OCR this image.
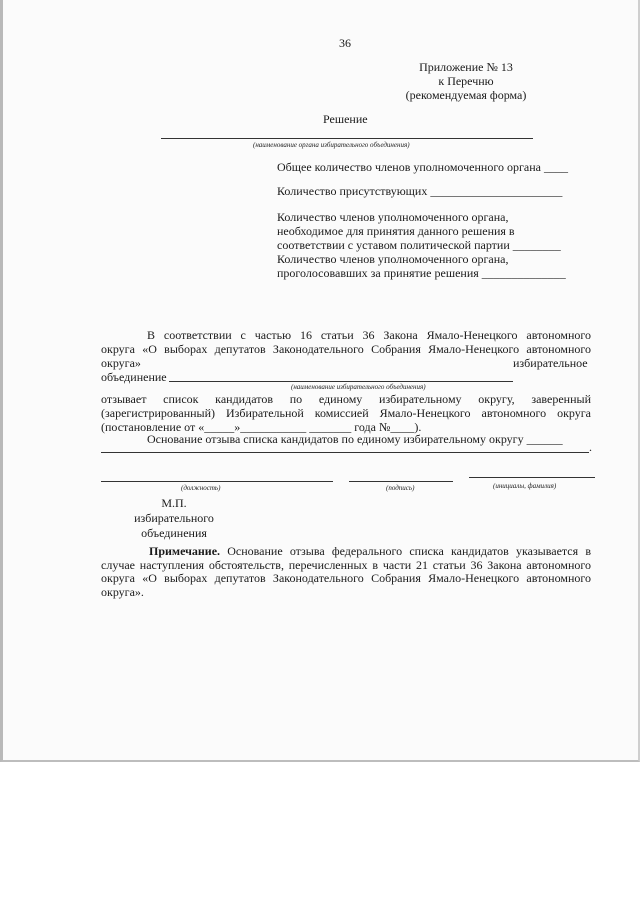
36
Приложение № 13
к Перечню
(рекомендуемая форма)
Решение
(наименование органа избирательного объединения)
Общее количество членов уполномоченного органа ____
Количество присутствующих ______________________
Количество членов уполномоченного органа,
необходимое для принятия данного решения в
соответствии с уставом политической партии ________
Количество членов уполномоченного органа,
проголосовавших за принятие решения ______________
В соответствии с частью 16 статьи 36 Закона Ямало-Ненецкого автономного
округа «О выборах депутатов Законодательного Собрания Ямало-Ненецкого автономного
округа»	избирательное
объединение
(наименование избирательного объединения)
отзывает список кандидатов по единому избирательному округу, заверенный
(зарегистрированный) Избирательной комиссией Ямало-Ненецкого автономного округа
(постановление от «_____»___________ _______ года №____).
Основание отзыва списка кандидатов по единому избирательному округу ______
.
(должность)	(подпись)	(инициалы, фамилия)
М.П.
избирательного
объединения
Примечание. Основание отзыва федерального списка кандидатов указывается в
случае наступления обстоятельств, перечисленных в части 21 статьи 36 Закона автономного
округа «О выборах депутатов Законодательного Собрания Ямало-Ненецкого автономного
округа».
